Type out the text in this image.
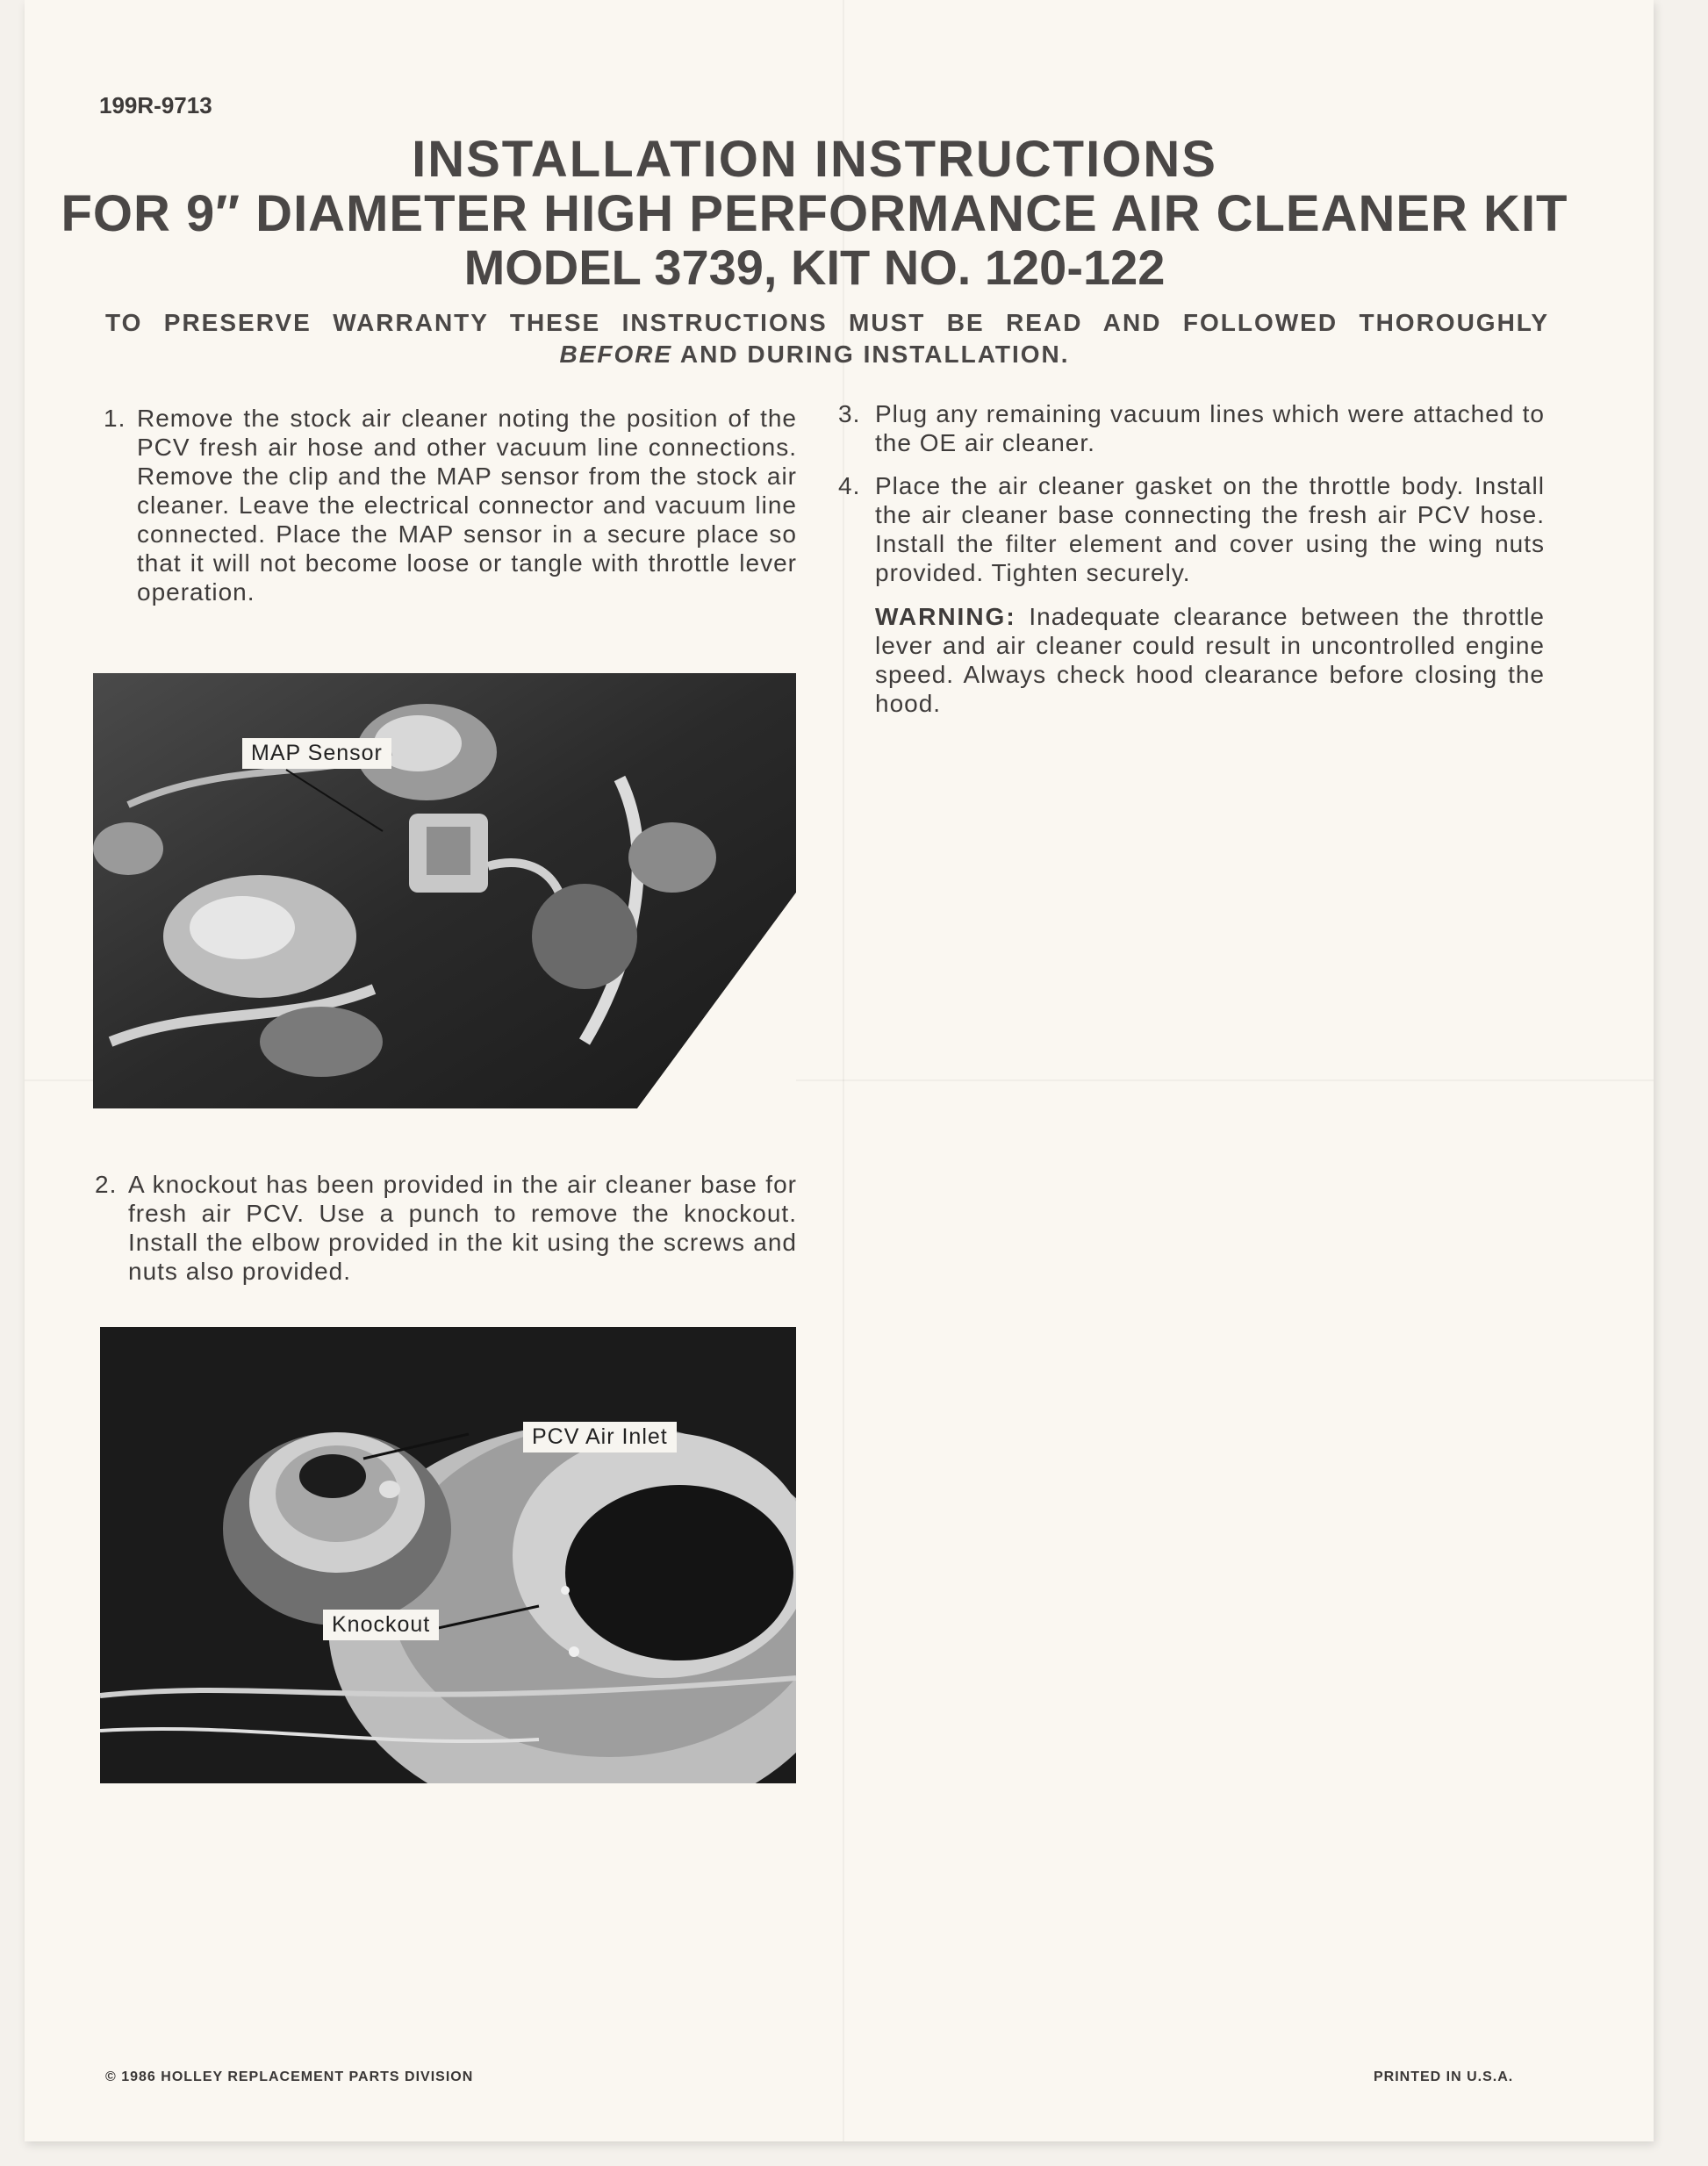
199R-9713
INSTALLATION INSTRUCTIONS
FOR 9″ DIAMETER HIGH PERFORMANCE AIR CLEANER KIT
MODEL 3739, KIT NO. 120-122
TO PRESERVE WARRANTY THESE INSTRUCTIONS MUST BE READ AND FOLLOWED THOROUGHLY
BEFORE AND DURING INSTALLATION.
1. Remove the stock air cleaner noting the position of the PCV fresh air hose and other vacuum line connections. Remove the clip and the MAP sensor from the stock air cleaner. Leave the electrical connector and vacuum line connected. Place the MAP sensor in a secure place so that it will not become loose or tangle with throttle lever operation.
MAP Sensor
2. A knockout has been provided in the air cleaner base for fresh air PCV. Use a punch to remove the knockout. Install the elbow provided in the kit using the screws and nuts also provided.
PCV Air Inlet
Knockout
3. Plug any remaining vacuum lines which were attached to the OE air cleaner.
4. Place the air cleaner gasket on the throttle body. Install the air cleaner base connecting the fresh air PCV hose. Install the filter element and cover using the wing nuts provided. Tighten securely.
WARNING: Inadequate clearance between the throttle lever and air cleaner could result in uncontrolled engine speed. Always check hood clearance before closing the hood.
© 1986 HOLLEY REPLACEMENT PARTS DIVISION	PRINTED IN U.S.A.
